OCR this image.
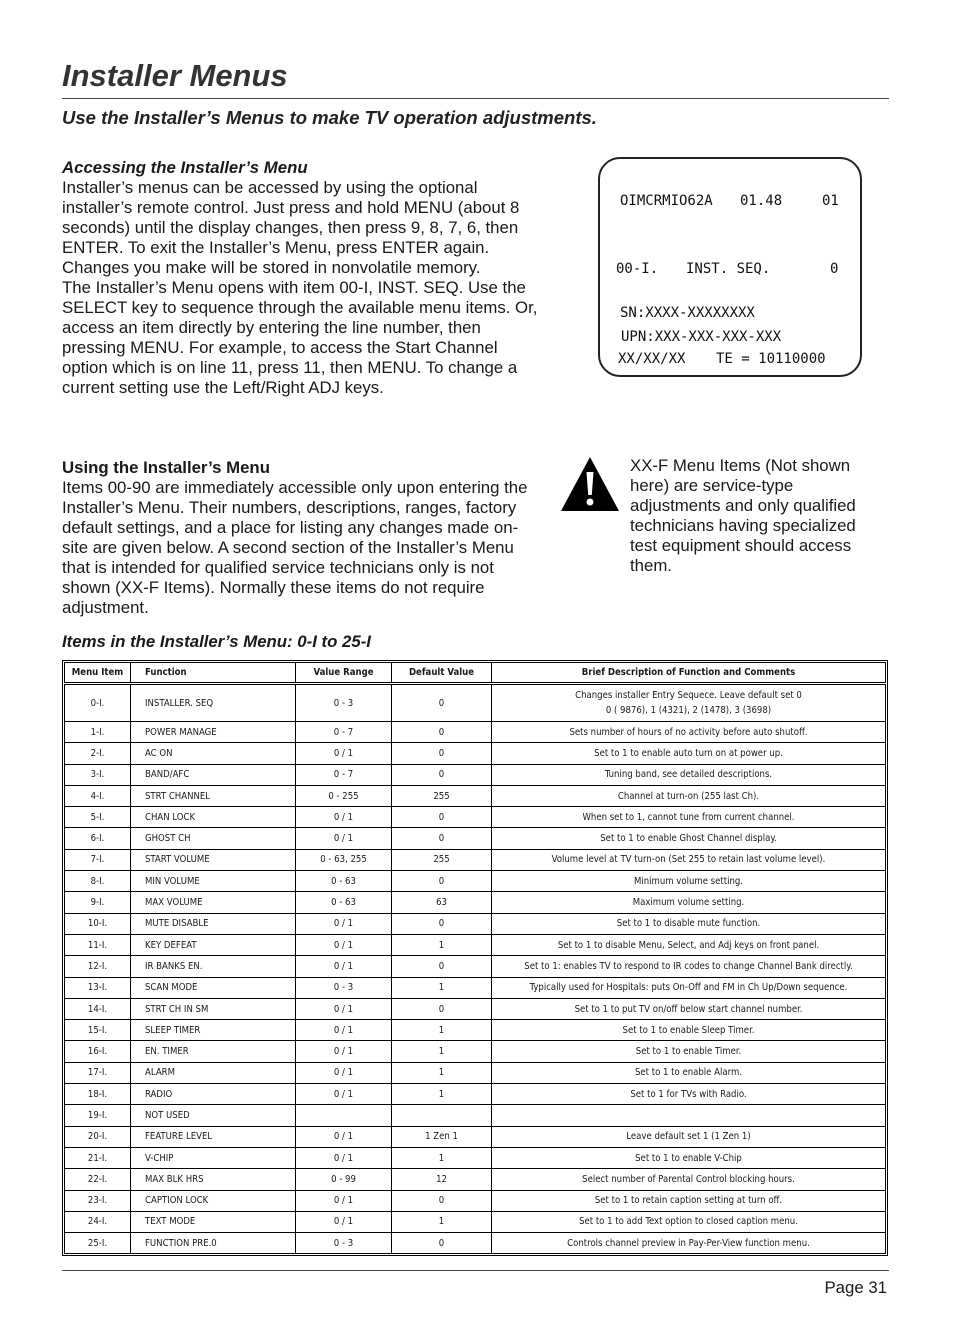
Installer Menus
Use the Installer’s Menus to make TV operation adjustments.
Accessing the Installer’s Menu

Installer’s menus can be accessed by using the optional installer’s remote control. Just press and hold MENU (about 8 seconds) until the display changes, then press 9, 8, 7, 6, then ENTER. To exit the Installer’s Menu, press ENTER again. Changes you make will be stored in nonvolatile memory.

The Installer’s Menu opens with item 00-I, INST. SEQ. Use the SELECT key to sequence through the available menu items. Or, access an item directly by entering the line number, then pressing MENU. For example, to access the Start Channel option which is on line 11, press 11, then MENU. To change a current setting use the Left/Right ADJ keys.

OIMCRMIO62A 01.48	01
00-I. INST. SEQ.	0
SN:XXXX-XXXXXXXX
UPN:XXX-XXX-XXX-XXX
XX/XX/XX TE = 10110000
Using the Installer’s Menu

Items 00-90 are immediately accessible only upon entering the Installer’s Menu. Their numbers, descriptions, ranges, factory default settings, and a place for listing any changes made on-site are given below. A second section of the Installer’s Menu that is intended for qualified service technicians only is not shown (XX-F Items). Normally these items do not require adjustment.

XX-F Menu Items (Not shown here) are service-type adjustments and only qualified technicians having specialized test equipment should access them.

Items in the Installer’s Menu: 0-I to 25-I
Menu Item	Function	Value Range	Default Value	Brief Description of Function and Comments
0-I.	INSTALLER. SEQ	0 - 3	0	Changes installer Entry Sequece. Leave default set 0
0 ( 9876), 1 (4321), 2 (1478), 3 (3698)

1-I.	POWER MANAGE	0 - 7	0	Sets number of hours of no activity before auto shutoff.
2-I.	AC ON	0 / 1	0	Set to 1 to enable auto turn on at power up.
3-I.	BAND/AFC	0 - 7	0	Tuning band, see detailed descriptions.
4-I.	STRT CHANNEL	0 - 255	255	Channel at turn-on (255 last Ch).
5-I.	CHAN LOCK	0 / 1	0	When set to 1, cannot tune from current channel.
6-I.	GHOST CH	0 / 1	0	Set to 1 to enable Ghost Channel display.
7-I.	START VOLUME	0 - 63, 255	255	Volume level at TV turn-on (Set 255 to retain last volume level).
8-I.	MIN VOLUME	0 - 63	0	Minimum volume setting.
9-I.	MAX VOLUME	0 - 63	63	Maximum volume setting.
10-I.	MUTE DISABLE	0 / 1	0	Set to 1 to disable mute function.
11-I.	KEY DEFEAT	0 / 1	1	Set to 1 to disable Menu, Select, and Adj keys on front panel.
12-I.	IR BANKS EN.	0 / 1	0	Set to 1: enables TV to respond to IR codes to change Channel Bank directly.
13-I.	SCAN MODE	0 - 3	1	Typically used for Hospitals: puts On-Off and FM in Ch Up/Down sequence.
14-I.	STRT CH IN SM	0 / 1	0	Set to 1 to put TV on/off below start channel number.
15-I.	SLEEP TIMER	0 / 1	1	Set to 1 to enable Sleep Timer.
16-I.	EN. TIMER	0 / 1	1	Set to 1 to enable Timer.
17-I.	ALARM	0 / 1	1	Set to 1 to enable Alarm.
18-I.	RADIO	0 / 1	1	Set to 1 for TVs with Radio.
19-I.	NOT USED			
20-I.	FEATURE LEVEL	0 / 1	1 Zen 1	Leave default set 1 (1 Zen 1)
21-I.	V-CHIP	0 / 1	1	Set to 1 to enable V-Chip
22-I.	MAX BLK HRS	0 - 99	12	Select number of Parental Control blocking hours.
23-I.	CAPTION LOCK	0 / 1	0	Set to 1 to retain caption setting at turn off.
24-I.	TEXT MODE	0 / 1	1	Set to 1 to add Text option to closed caption menu.
25-I.	FUNCTION PRE.0	0 - 3	0	Controls channel preview in Pay-Per-View function menu.

Page 31
